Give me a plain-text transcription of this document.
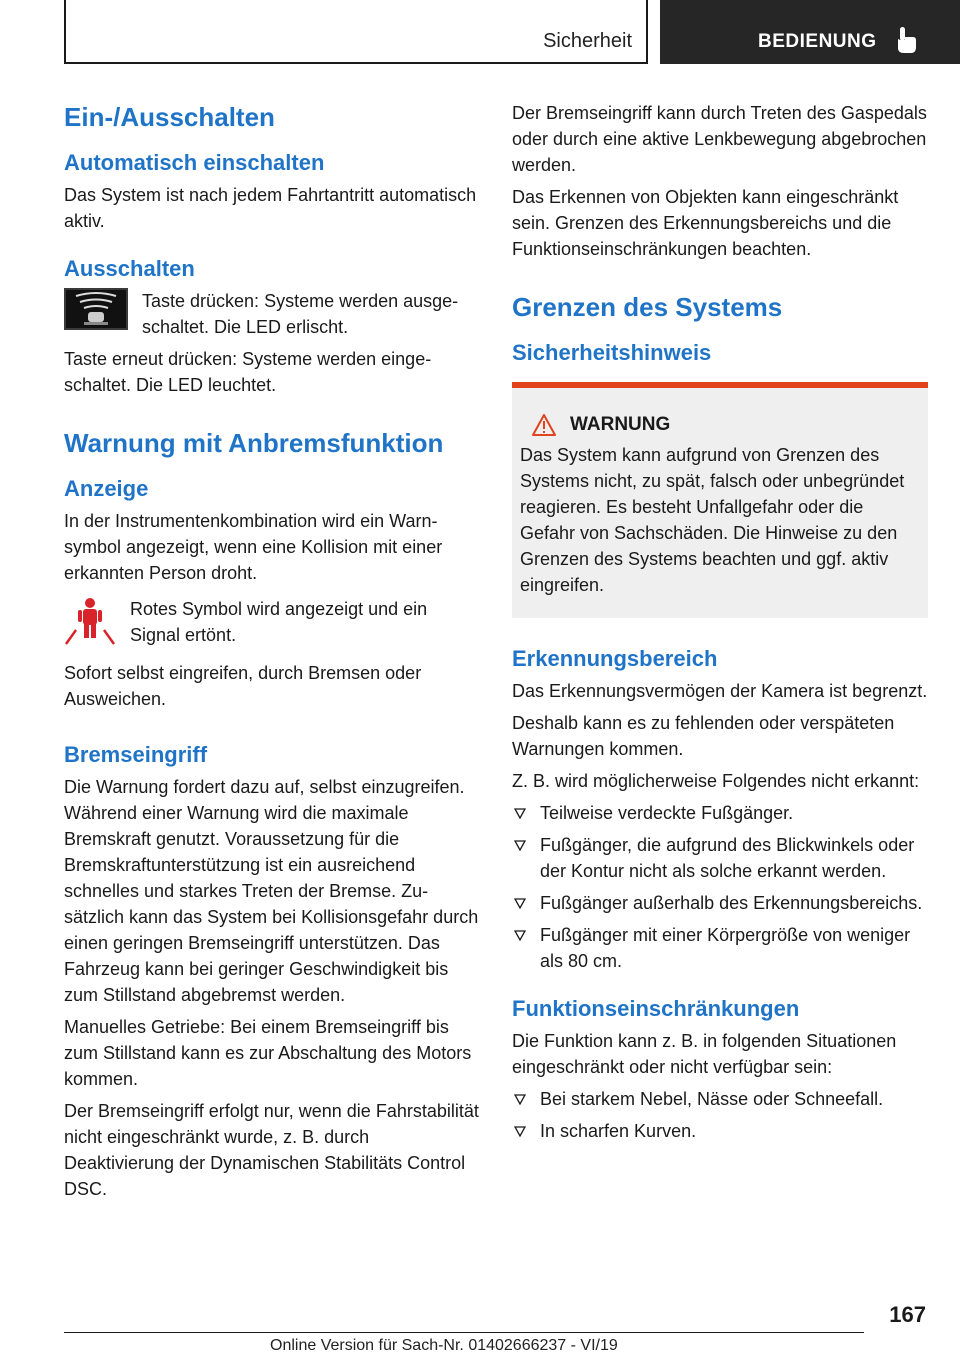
Sicherheit	BEDIENUNG
Ein-/Ausschalten
Automatisch einschalten

Das System ist nach jedem Fahrtantritt automatisch aktiv.

Ausschalten

Taste drücken: Systeme werden ausgeschaltet. Die LED erlischt.

Taste erneut drücken: Systeme werden eingeschaltet. Die LED leuchtet.

Warnung mit Anbremsfunktion
Anzeige

In der Instrumentenkombination wird ein Warnsymbol angezeigt, wenn eine Kollision mit einer erkannten Person droht.

Rotes Symbol wird angezeigt und ein Signal ertönt.

Sofort selbst eingreifen, durch Bremsen oder Ausweichen.

Bremseingriff

Die Warnung fordert dazu auf, selbst einzugreifen. Während einer Warnung wird die maximale Bremskraft genutzt. Voraussetzung für die Bremskraftunterstützung ist ein ausreichend schnelles und starkes Treten der Bremse. Zusätzlich kann das System bei Kollisionsgefahr durch einen geringen Bremseingriff unterstützen. Das Fahrzeug kann bei geringer Geschwindigkeit bis zum Stillstand abgebremst werden.

Manuelles Getriebe: Bei einem Bremseingriff bis zum Stillstand kann es zur Abschaltung des Motors kommen.

Der Bremseingriff erfolgt nur, wenn die Fahrstabilität nicht eingeschränkt wurde, z. B. durch Deaktivierung der Dynamischen Stabilitäts Control DSC.

Der Bremseingriff kann durch Treten des Gaspedals oder durch eine aktive Lenkbewegung abgebrochen werden.

Das Erkennen von Objekten kann eingeschränkt sein. Grenzen des Erkennungsbereichs und die Funktionseinschränkungen beachten.

Grenzen des Systems
Sicherheitshinweis
WARNUNG

Das System kann aufgrund von Grenzen des Systems nicht, zu spät, falsch oder unbegründet reagieren. Es besteht Unfallgefahr oder die Gefahr von Sachschäden. Die Hinweise zu den Grenzen des Systems beachten und ggf. aktiv eingreifen.

Erkennungsbereich

Das Erkennungsvermögen der Kamera ist begrenzt.

Deshalb kann es zu fehlenden oder verspäteten Warnungen kommen.

Z. B. wird möglicherweise Folgendes nicht erkannt:

Teilweise verdeckte Fußgänger.
Fußgänger, die aufgrund des Blickwinkels oder der Kontur nicht als solche erkannt werden.
Fußgänger außerhalb des Erkennungsbereichs.
Fußgänger mit einer Körpergröße von weniger als 80 cm.
Funktionseinschränkungen

Die Funktion kann z. B. in folgenden Situationen eingeschränkt oder nicht verfügbar sein:

Bei starkem Nebel, Nässe oder Schneefall.
In scharfen Kurven.
167
Online Version für Sach-Nr. 01402666237 - VI/19
